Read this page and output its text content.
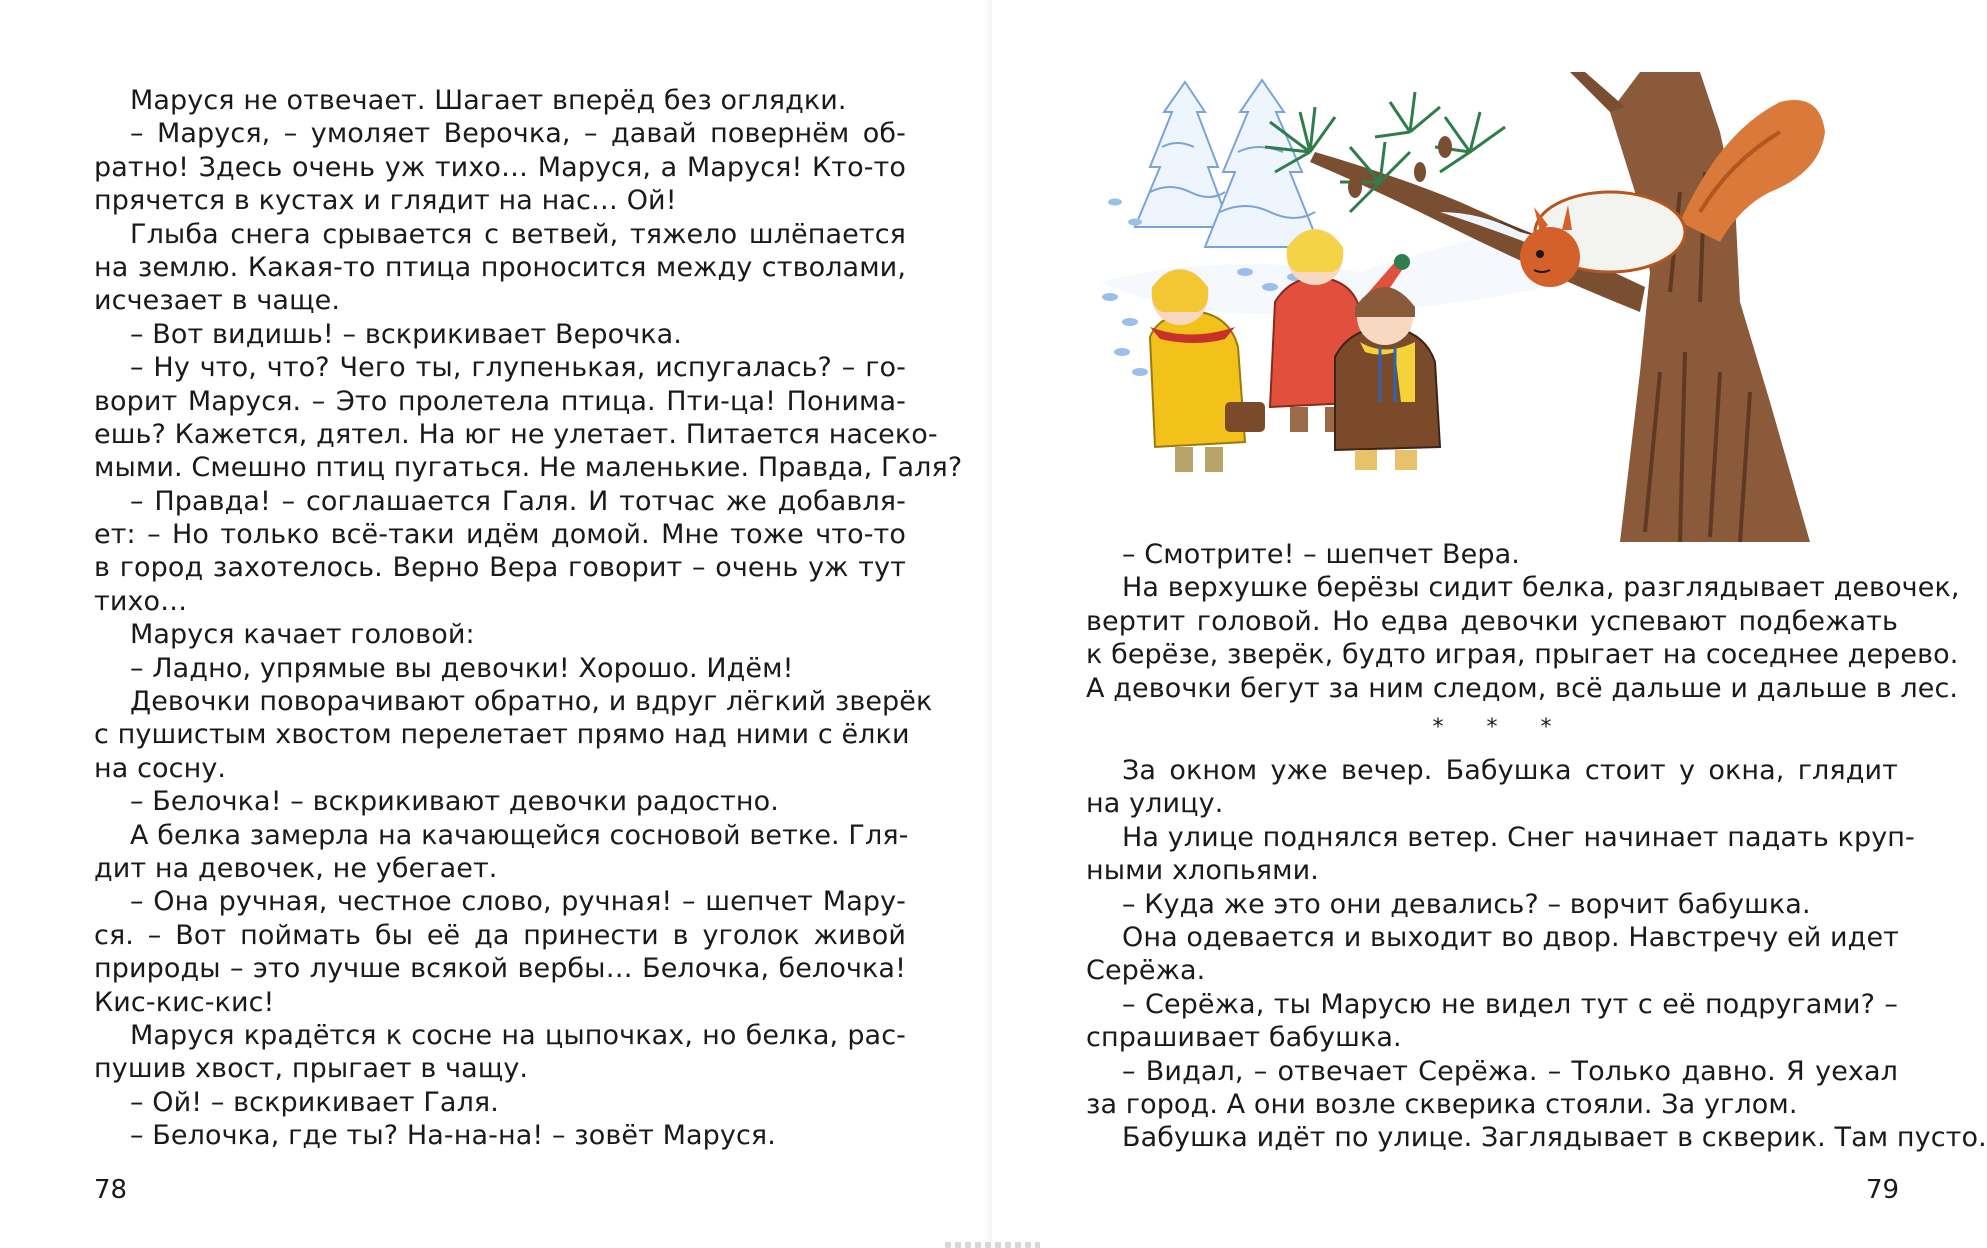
Маруся не отвечает. Шагает вперёд без оглядки.
– Маруся, – умоляет Верочка, – давай повернём об-
ратно! Здесь очень уж тихо… Маруся, а Маруся! Кто-то
прячется в кустах и глядит на нас… Ой!
Глыба снега срывается с ветвей, тяжело шлёпается
на землю. Какая-то птица проносится между стволами,
исчезает в чаще.
– Вот видишь! – вскрикивает Верочка.
– Ну что, что? Чего ты, глупенькая, испугалась? – го-
ворит Маруся. – Это пролетела птица. Пти-ца! Понима-
ешь? Кажется, дятел. На юг не улетает. Питается насеко-
мыми. Смешно птиц пугаться. Не маленькие. Правда, Галя?
– Правда! – соглашается Галя. И тотчас же добавля-
ет: – Но только всё-таки идём домой. Мне тоже что-то
в город захотелось. Верно Вера говорит – очень уж тут
тихо…
Маруся качает головой:
– Ладно, упрямые вы девочки! Хорошо. Идём!
Девочки поворачивают обратно, и вдруг лёгкий зверёк
с пушистым хвостом перелетает прямо над ними с ёлки
на сосну.
– Белочка! – вскрикивают девочки радостно.
А белка замерла на качающейся сосновой ветке. Гля-
дит на девочек, не убегает.
– Она ручная, честное слово, ручная! – шепчет Мару-
ся. – Вот поймать бы её да принести в уголок живой
природы – это лучше всякой вербы… Белочка, белочка!
Кис-кис-кис!
Маруся крадётся к сосне на цыпочках, но белка, рас-
пушив хвост, прыгает в чащу.
– Ой! – вскрикивает Галя.
– Белочка, где ты? На-на-на! – зовёт Маруся.
78
– Смотрите! – шепчет Вера.
На верхушке берёзы сидит белка, разглядывает девочек,
вертит головой. Но едва девочки успевают подбежать
к берёзе, зверёк, будто играя, прыгает на соседнее дерево.
А девочки бегут за ним следом, всё дальше и дальше в лес.
* * *
За окном уже вечер. Бабушка стоит у окна, глядит
на улицу.
На улице поднялся ветер. Снег начинает падать круп-
ными хлопьями.
– Куда же это они девались? – ворчит бабушка.
Она одевается и выходит во двор. Навстречу ей идет
Серёжа.
– Серёжа, ты Марусю не видел тут с её подругами? –
спрашивает бабушка.
– Видал, – отвечает Серёжа. – Только давно. Я уехал
за город. А они возле скверика стояли. За углом.
Бабушка идёт по улице. Заглядывает в скверик. Там пусто.
79
